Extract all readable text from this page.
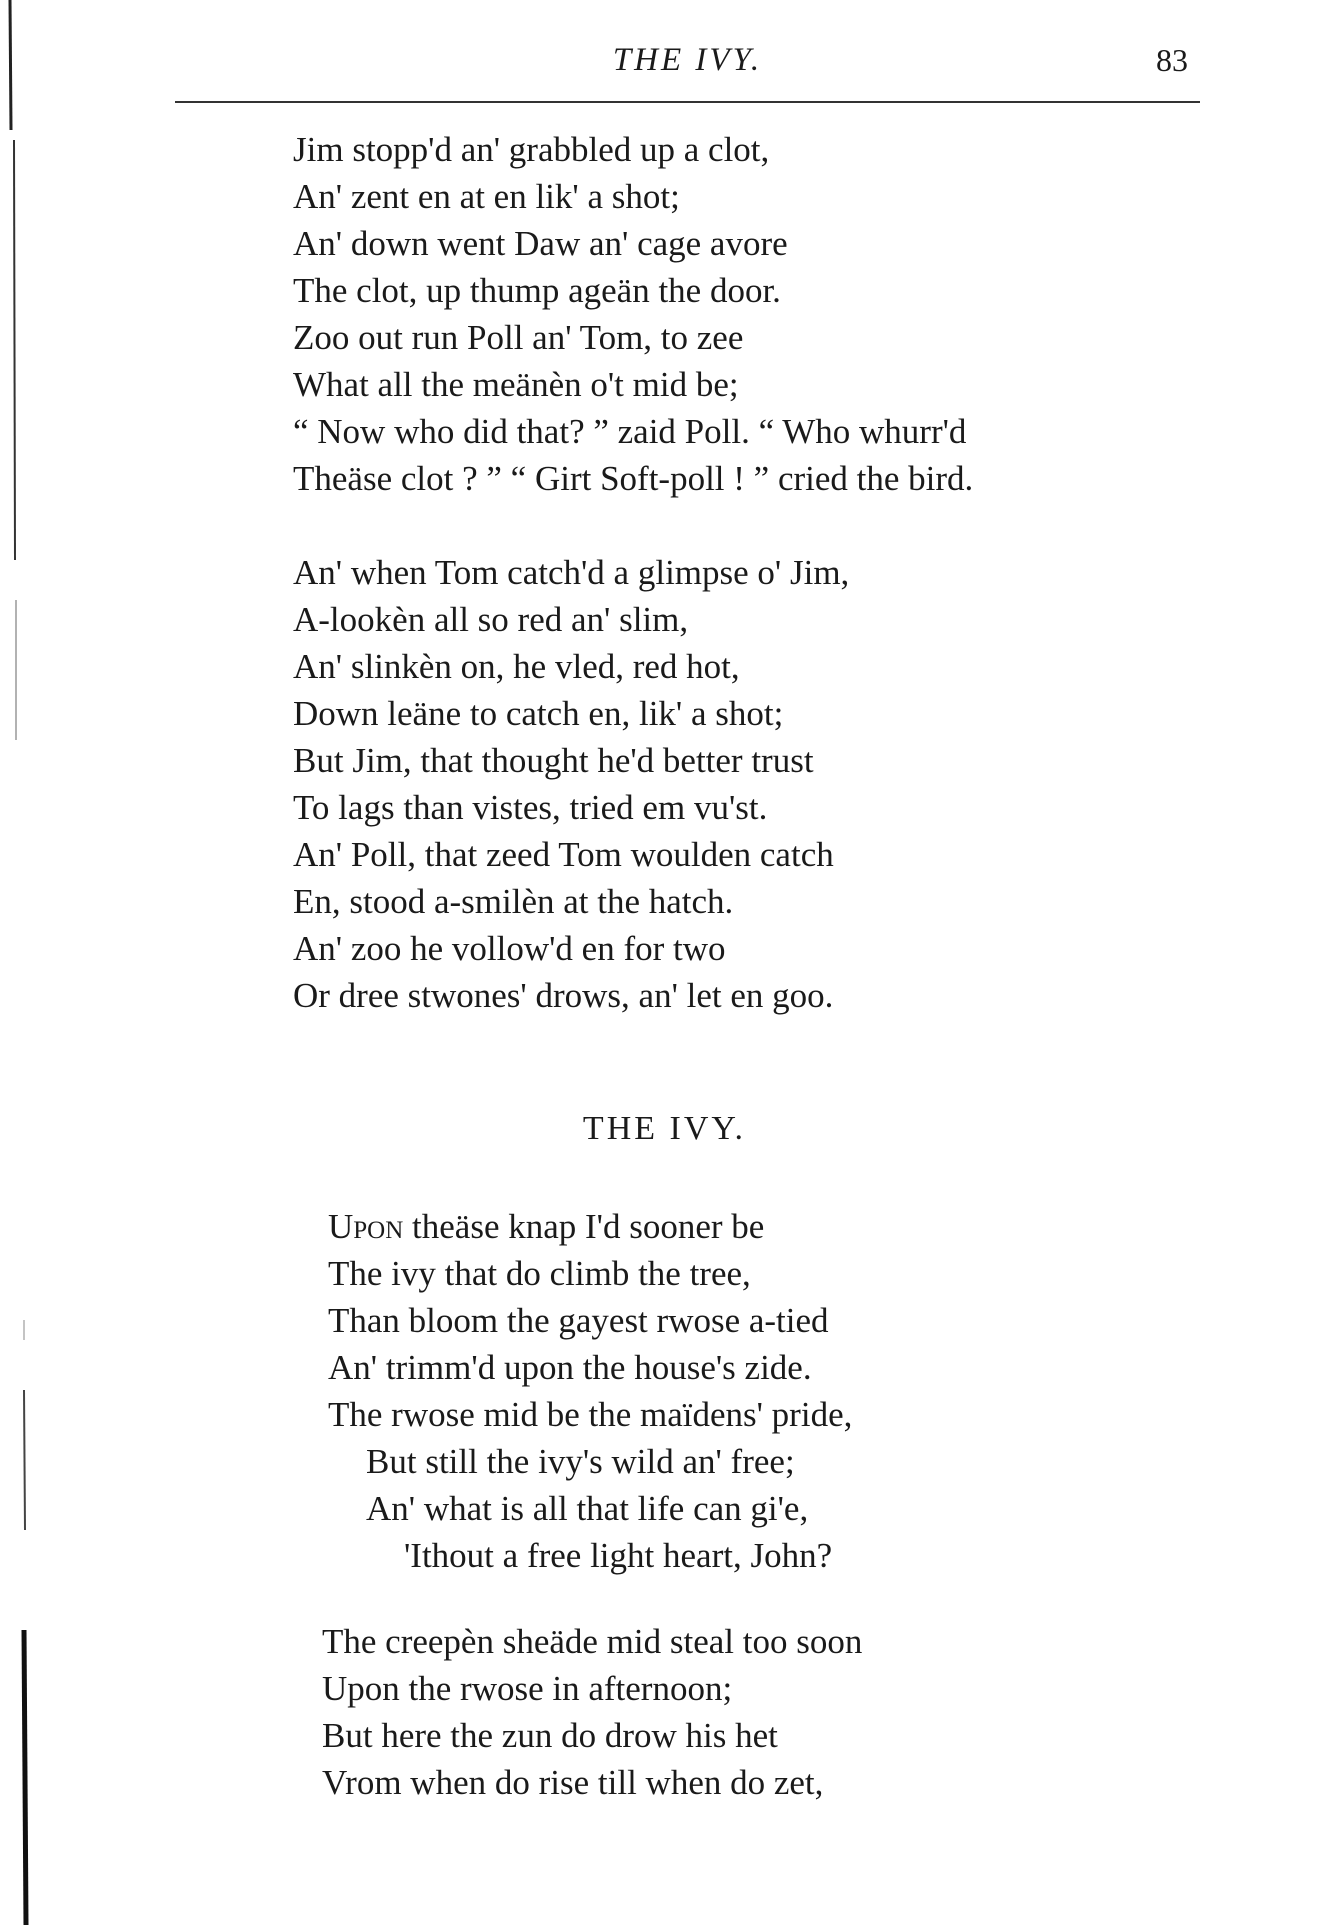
THE IVY.	83
Jim stopp'd an' grabbled up a clot,
An' zent en at en lik' a shot;
An' down went Daw an' cage avore
The clot, up thump ageän the door.
Zoo out run Poll an' Tom, to zee
What all the meänèn o't mid be;
“ Now who did that? ” zaid Poll. “ Who whurr'd
Theäse clot ? ” “ Girt Soft-poll ! ” cried the bird.
An' when Tom catch'd a glimpse o' Jim,
A-lookèn all so red an' slim,
An' slinkèn on, he vled, red hot,
Down leäne to catch en, lik' a shot;
But Jim, that thought he'd better trust
To lags than vistes, tried em vu'st.
An' Poll, that zeed Tom woulden catch
En, stood a-smilèn at the hatch.
An' zoo he vollow'd en for two
Or dree stwones' drows, an' let en goo.
THE IVY.
Upon theäse knap I'd sooner be
The ivy that do climb the tree,
Than bloom the gayest rwose a-tied
An' trimm'd upon the house's zide.
The rwose mid be the maïdens' pride,
But still the ivy's wild an' free;
An' what is all that life can gi'e,
'Ithout a free light heart, John?
The creepèn sheäde mid steal too soon
Upon the rwose in afternoon;
But here the zun do drow his het
Vrom when do rise till when do zet,
